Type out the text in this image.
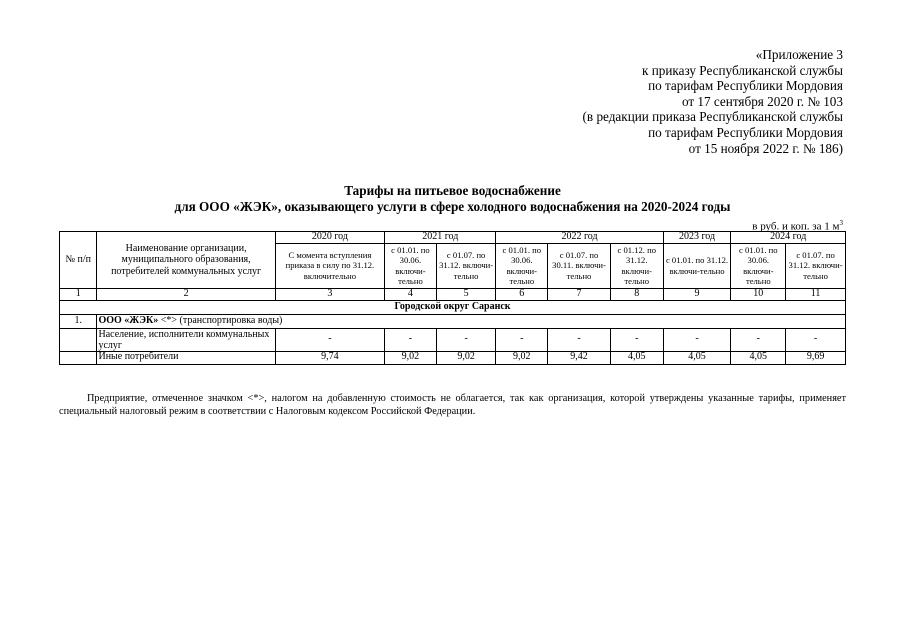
«Приложение 3
к приказу Республиканской службы
по тарифам Республики Мордовия
от 17 сентября 2020 г. № 103
(в редакции приказа Республиканской службы
по тарифам Республики Мордовия
от 15 ноября 2022 г. № 186)
Тарифы на питьевое водоснабжение
для ООО «ЖЭК», оказывающего услуги в сфере холодного водоснабжения на 2020-2024 годы
в руб. и коп. за 1 $м^3$
№ п/п	Наименование организации, муниципального образования, потребителей коммунальных услуг	2020 год	2021 год		2022 год			2023 год	2024 год	
		С момента вступления приказа в силу по 31.12. включительно	с 01.01. по 30.06. включи-тельно	с 01.07. по 31.12. включи-тельно	с 01.01. по 30.06. включи-тельно	с 01.07. по 30.11. включи-тельно	с 01.12. по 31.12. включи-тельно	с 01.01. по 31.12. включи-тельно	с 01.01. по 30.06. включи-тельно	с 01.07. по 31.12. включи-тельно
1	2	3	4	5	6	7	8	9	10	11
Городской округ Саранск										
1.	ООО «ЖЭК» <*> (транспортировка воды)									
	Население, исполнители коммунальных услуг	-	-	-	-	-	-	-	-	-
	Иные потребители	9,74	9,02	9,02	9,02	9,42	4,05	4,05	4,05	9,69
Предприятие, отмеченное значком <*>, налогом на добавленную стоимость не облагается, так как организация, которой утверждены указанные тарифы, применяет специальный налоговый режим в соответствии с Налоговым кодексом Российской Федерации.
